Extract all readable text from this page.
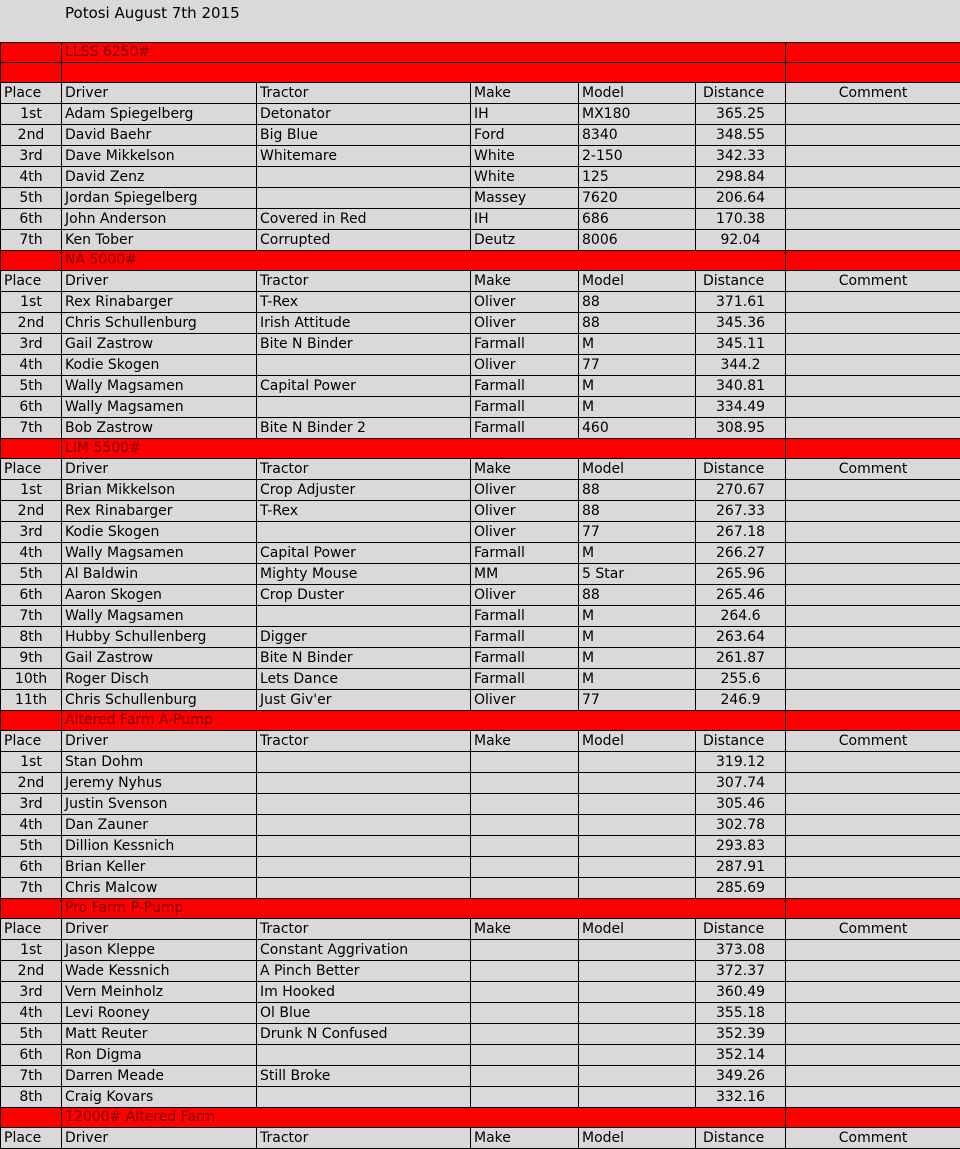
Potosi August 7th 2015
	LLSS 6250#					

Place	Driver	Tractor	Make	Model	Distance	Comment
1st	Adam Spiegelberg	Detonator	IH	MX180	365.25	
2nd	David Baehr	Big Blue	Ford	8340	348.55	
3rd	Dave Mikkelson	Whitemare	White	2-150	342.33	
4th	David Zenz		White	125	298.84	
5th	Jordan Spiegelberg		Massey	7620	206.64	
6th	John Anderson	Covered in Red	IH	686	170.38	
7th	Ken Tober	Corrupted	Deutz	8006	92.04	
	NA 5000#					
Place	Driver	Tractor	Make	Model	Distance	Comment
1st	Rex Rinabarger	T-Rex	Oliver	88	371.61	
2nd	Chris Schullenburg	Irish Attitude	Oliver	88	345.36	
3rd	Gail Zastrow	Bite N Binder	Farmall	M	345.11	
4th	Kodie Skogen		Oliver	77	344.2	
5th	Wally Magsamen	Capital Power	Farmall	M	340.81	
6th	Wally Magsamen		Farmall	M	334.49	
7th	Bob Zastrow	Bite N Binder 2	Farmall	460	308.95	
	LIM 5500#					
Place	Driver	Tractor	Make	Model	Distance	Comment
1st	Brian Mikkelson	Crop Adjuster	Oliver	88	270.67	
2nd	Rex Rinabarger	T-Rex	Oliver	88	267.33	
3rd	Kodie Skogen		Oliver	77	267.18	
4th	Wally Magsamen	Capital Power	Farmall	M	266.27	
5th	Al Baldwin	Mighty Mouse	MM	5 Star	265.96	
6th	Aaron Skogen	Crop Duster	Oliver	88	265.46	
7th	Wally Magsamen		Farmall	M	264.6	
8th	Hubby Schullenberg	Digger	Farmall	M	263.64	
9th	Gail Zastrow	Bite N Binder	Farmall	M	261.87	
10th	Roger Disch	Lets Dance	Farmall	M	255.6	
11th	Chris Schullenburg	Just Giv'er	Oliver	77	246.9	
	Altered Farm A-Pump					
Place	Driver	Tractor	Make	Model	Distance	Comment
1st	Stan Dohm				319.12	
2nd	Jeremy Nyhus				307.74	
3rd	Justin Svenson				305.46	
4th	Dan Zauner				302.78	
5th	Dillion Kessnich				293.83	
6th	Brian Keller				287.91	
7th	Chris Malcow				285.69	
	Pro Farm P-Pump					
Place	Driver	Tractor	Make	Model	Distance	Comment
1st	Jason Kleppe	Constant Aggrivation			373.08	
2nd	Wade Kessnich	A Pinch Better			372.37	
3rd	Vern Meinholz	Im Hooked			360.49	
4th	Levi Rooney	Ol Blue			355.18	
5th	Matt Reuter	Drunk N Confused			352.39	
6th	Ron Digma				352.14	
7th	Darren Meade	Still Broke			349.26	
8th	Craig Kovars				332.16	
	12000# Altered Farm					
Place	Driver	Tractor	Make	Model	Distance	Comment
